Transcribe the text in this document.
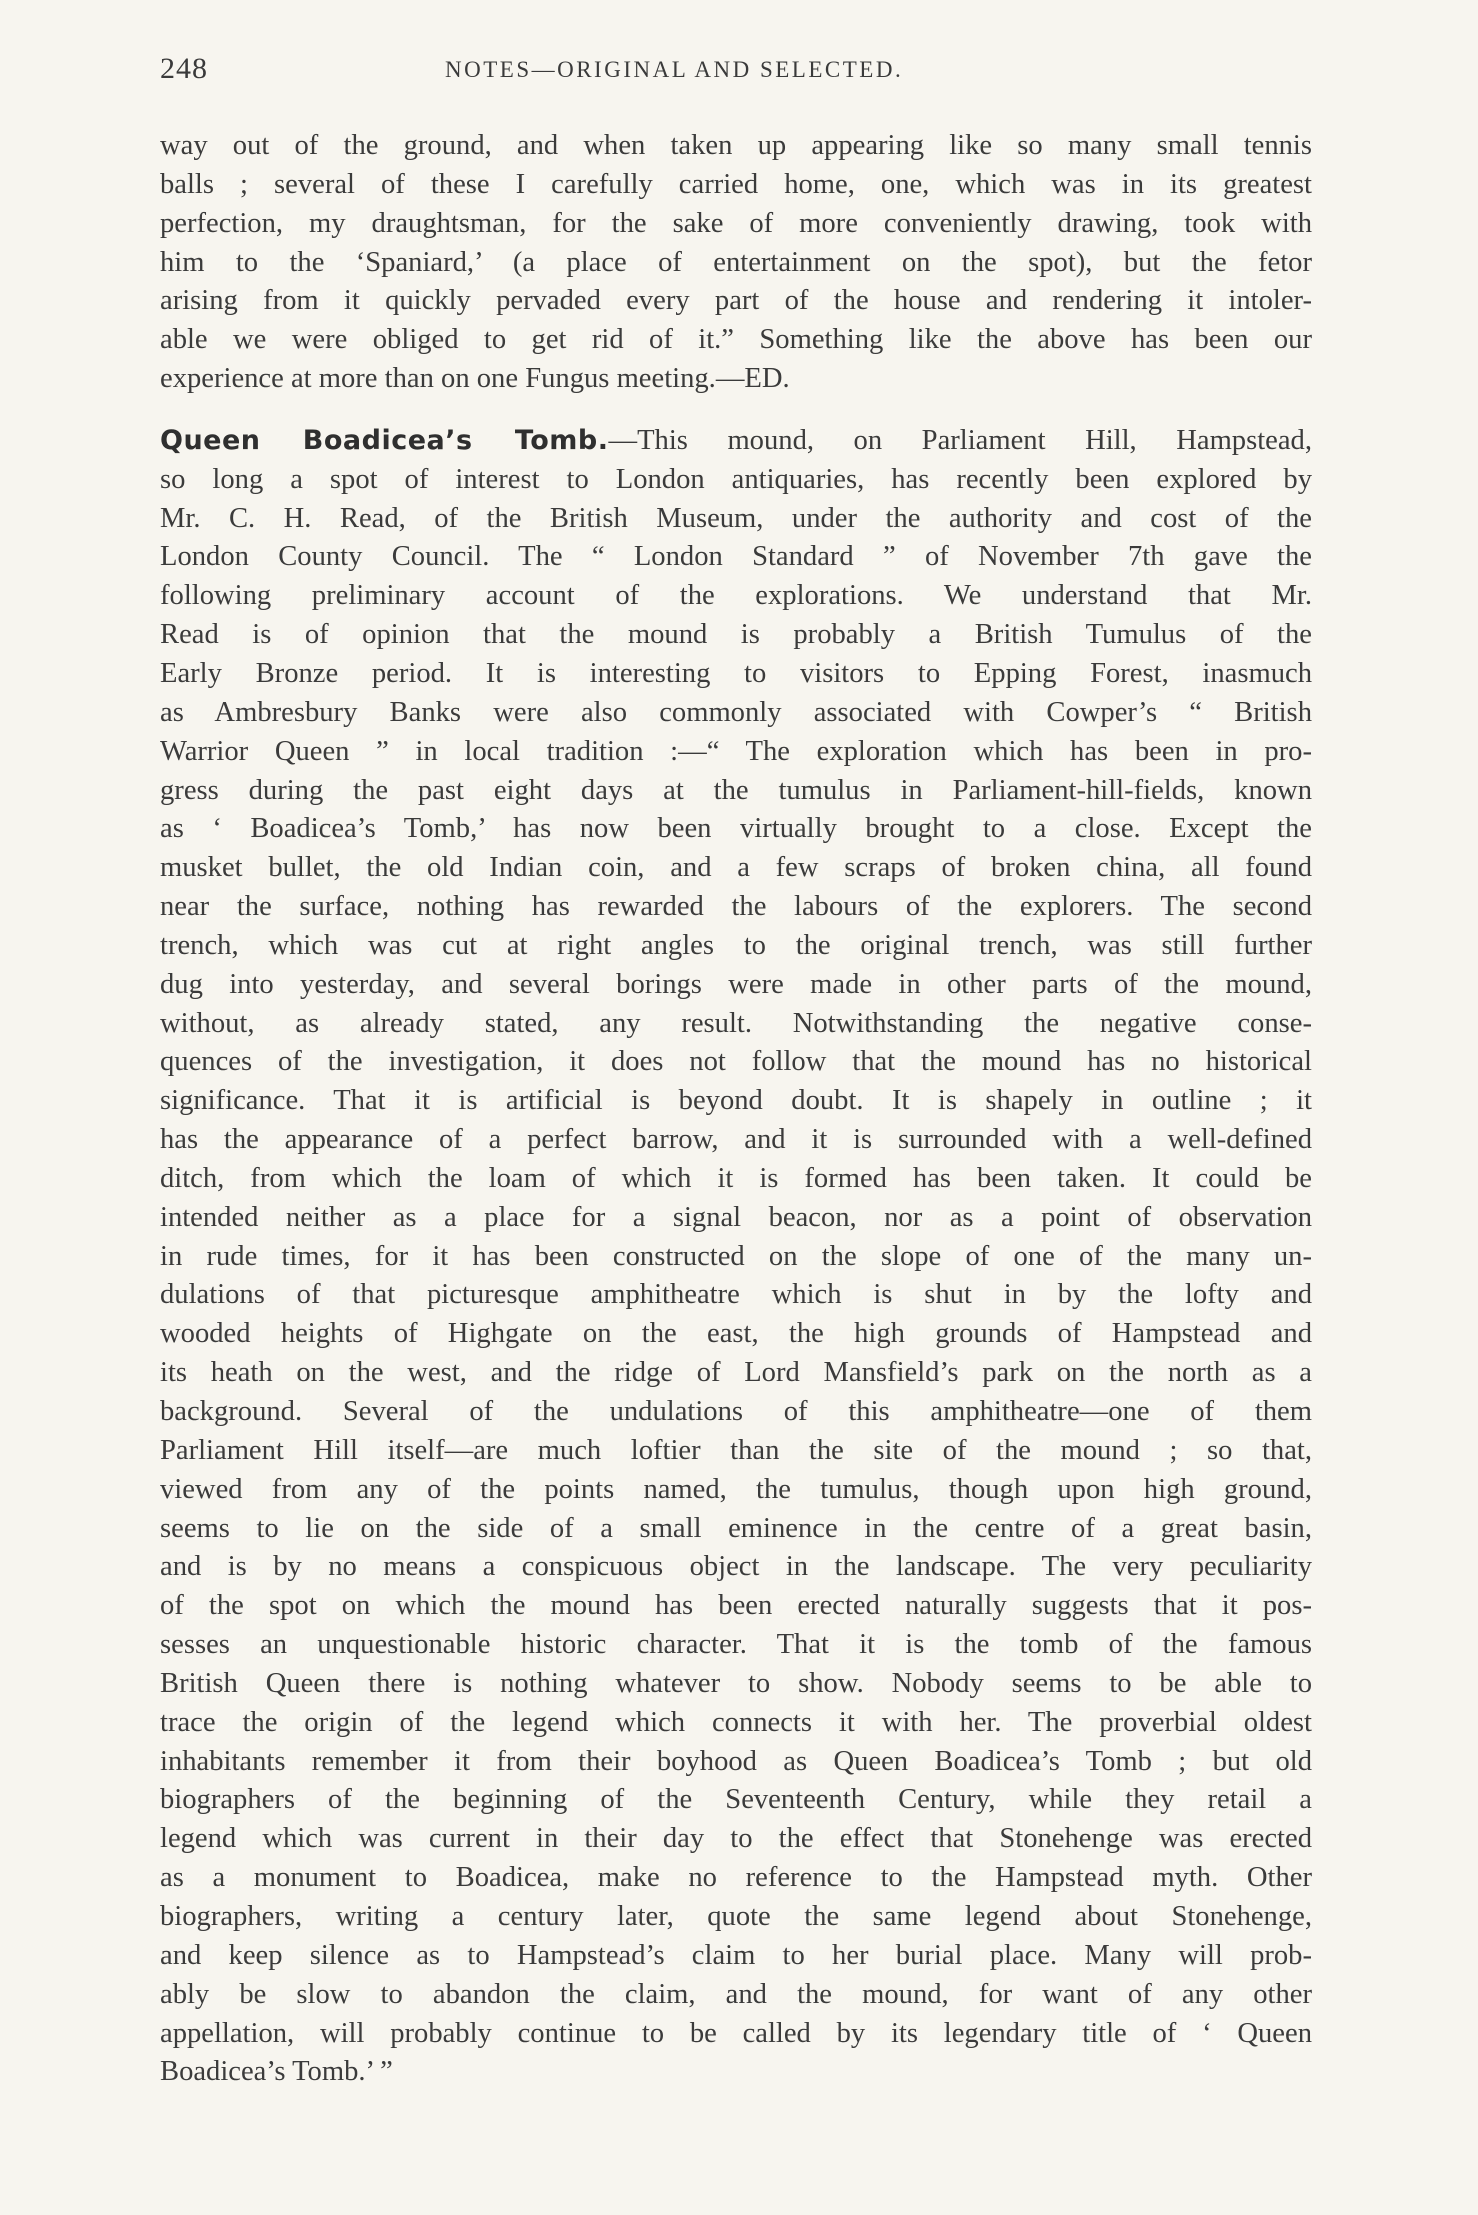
248	NOTES—ORIGINAL AND SELECTED.

way out of the ground, and when taken up appearing like so many small tennis

balls ; several of these I carefully carried home, one, which was in its greatest

perfection, my draughtsman, for the sake of more conveniently drawing, took with

him to the ‘Spaniard,’ (a place of entertainment on the spot), but the fetor

arising from it quickly pervaded every part of the house and rendering it intoler-

able we were obliged to get rid of it.” Something like the above has been our

experience at more than on one Fungus meeting.—ED.

Queen Boadicea’s Tomb.—This mound, on Parliament Hill, Hampstead,

so long a spot of interest to London antiquaries, has recently been explored by

Mr. C. H. Read, of the British Museum, under the authority and cost of the

London County Council. The “ London Standard ” of November 7th gave the

following preliminary account of the explorations. We understand that Mr.

Read is of opinion that the mound is probably a British Tumulus of the

Early Bronze period. It is interesting to visitors to Epping Forest, inasmuch

as Ambresbury Banks were also commonly associated with Cowper’s “ British

Warrior Queen ” in local tradition :—“ The exploration which has been in pro-

gress during the past eight days at the tumulus in Parliament-hill-fields, known

as ‘ Boadicea’s Tomb,’ has now been virtually brought to a close. Except the

musket bullet, the old Indian coin, and a few scraps of broken china, all found

near the surface, nothing has rewarded the labours of the explorers. The second

trench, which was cut at right angles to the original trench, was still further

dug into yesterday, and several borings were made in other parts of the mound,

without, as already stated, any result. Notwithstanding the negative conse-

quences of the investigation, it does not follow that the mound has no historical

significance. That it is artificial is beyond doubt. It is shapely in outline ; it

has the appearance of a perfect barrow, and it is surrounded with a well-defined

ditch, from which the loam of which it is formed has been taken. It could be

intended neither as a place for a signal beacon, nor as a point of observation

in rude times, for it has been constructed on the slope of one of the many un-

dulations of that picturesque amphitheatre which is shut in by the lofty and

wooded heights of Highgate on the east, the high grounds of Hampstead and

its heath on the west, and the ridge of Lord Mansfield’s park on the north as a

background. Several of the undulations of this amphitheatre—one of them

Parliament Hill itself—are much loftier than the site of the mound ; so that,

viewed from any of the points named, the tumulus, though upon high ground,

seems to lie on the side of a small eminence in the centre of a great basin,

and is by no means a conspicuous object in the landscape. The very peculiarity

of the spot on which the mound has been erected naturally suggests that it pos-

sesses an unquestionable historic character. That it is the tomb of the famous

British Queen there is nothing whatever to show. Nobody seems to be able to

trace the origin of the legend which connects it with her. The proverbial oldest

inhabitants remember it from their boyhood as Queen Boadicea’s Tomb ; but old

biographers of the beginning of the Seventeenth Century, while they retail a

legend which was current in their day to the effect that Stonehenge was erected

as a monument to Boadicea, make no reference to the Hampstead myth. Other

biographers, writing a century later, quote the same legend about Stonehenge,

and keep silence as to Hampstead’s claim to her burial place. Many will prob-

ably be slow to abandon the claim, and the mound, for want of any other

appellation, will probably continue to be called by its legendary title of ‘ Queen

Boadicea’s Tomb.’ ”
